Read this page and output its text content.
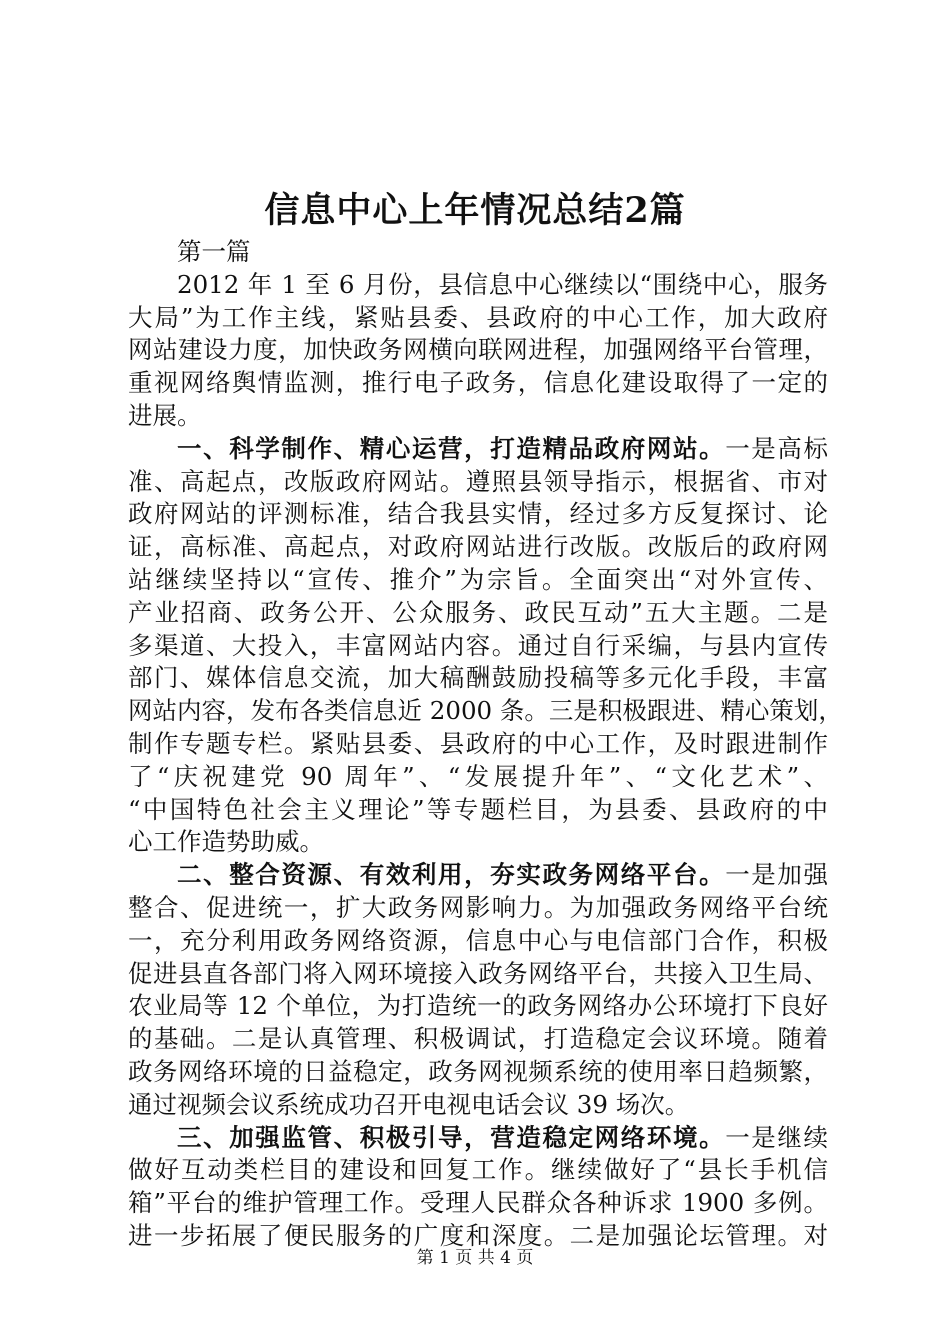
信息中心上年情况总结2篇
第一篇
2012 年 1 至 6 月份，县信息中心继续以“围绕中心，服务
大局”为工作主线，紧贴县委、县政府的中心工作，加大政府
网站建设力度，加快政务网横向联网进程，加强网络平台管理，
重视网络舆情监测，推行电子政务，信息化建设取得了一定的
进展。
一、科学制作、精心运营，打造精品政府网站。一是高标
准、高起点，改版政府网站。遵照县领导指示，根据省、市对
政府网站的评测标准，结合我县实情，经过多方反复探讨、论
证，高标准、高起点，对政府网站进行改版。改版后的政府网
站继续坚持以“宣传、推介”为宗旨。全面突出“对外宣传、
产业招商、政务公开、公众服务、政民互动”五大主题。二是
多渠道、大投入，丰富网站内容。通过自行采编，与县内宣传
部门、媒体信息交流，加大稿酬鼓励投稿等多元化手段，丰富
网站内容，发布各类信息近 2000 条。三是积极跟进、精心策划，
制作专题专栏。紧贴县委、县政府的中心工作，及时跟进制作
了“庆祝建党 90 周年”、“发展提升年”、“文化艺术”、
“中国特色社会主义理论”等专题栏目，为县委、县政府的中
心工作造势助威。
二、整合资源、有效利用，夯实政务网络平台。一是加强
整合、促进统一，扩大政务网影响力。为加强政务网络平台统
一，充分利用政务网络资源，信息中心与电信部门合作，积极
促进县直各部门将入网环境接入政务网络平台，共接入卫生局、
农业局等 12 个单位，为打造统一的政务网络办公环境打下良好
的基础。二是认真管理、积极调试，打造稳定会议环境。随着
政务网络环境的日益稳定，政务网视频系统的使用率日趋频繁，
通过视频会议系统成功召开电视电话会议 39 场次。
三、加强监管、积极引导，营造稳定网络环境。一是继续
做好互动类栏目的建设和回复工作。继续做好了“县长手机信
箱”平台的维护管理工作。受理人民群众各种诉求 1900 多例。
进一步拓展了便民服务的广度和深度。二是加强论坛管理。对
第 1 页 共 4 页
